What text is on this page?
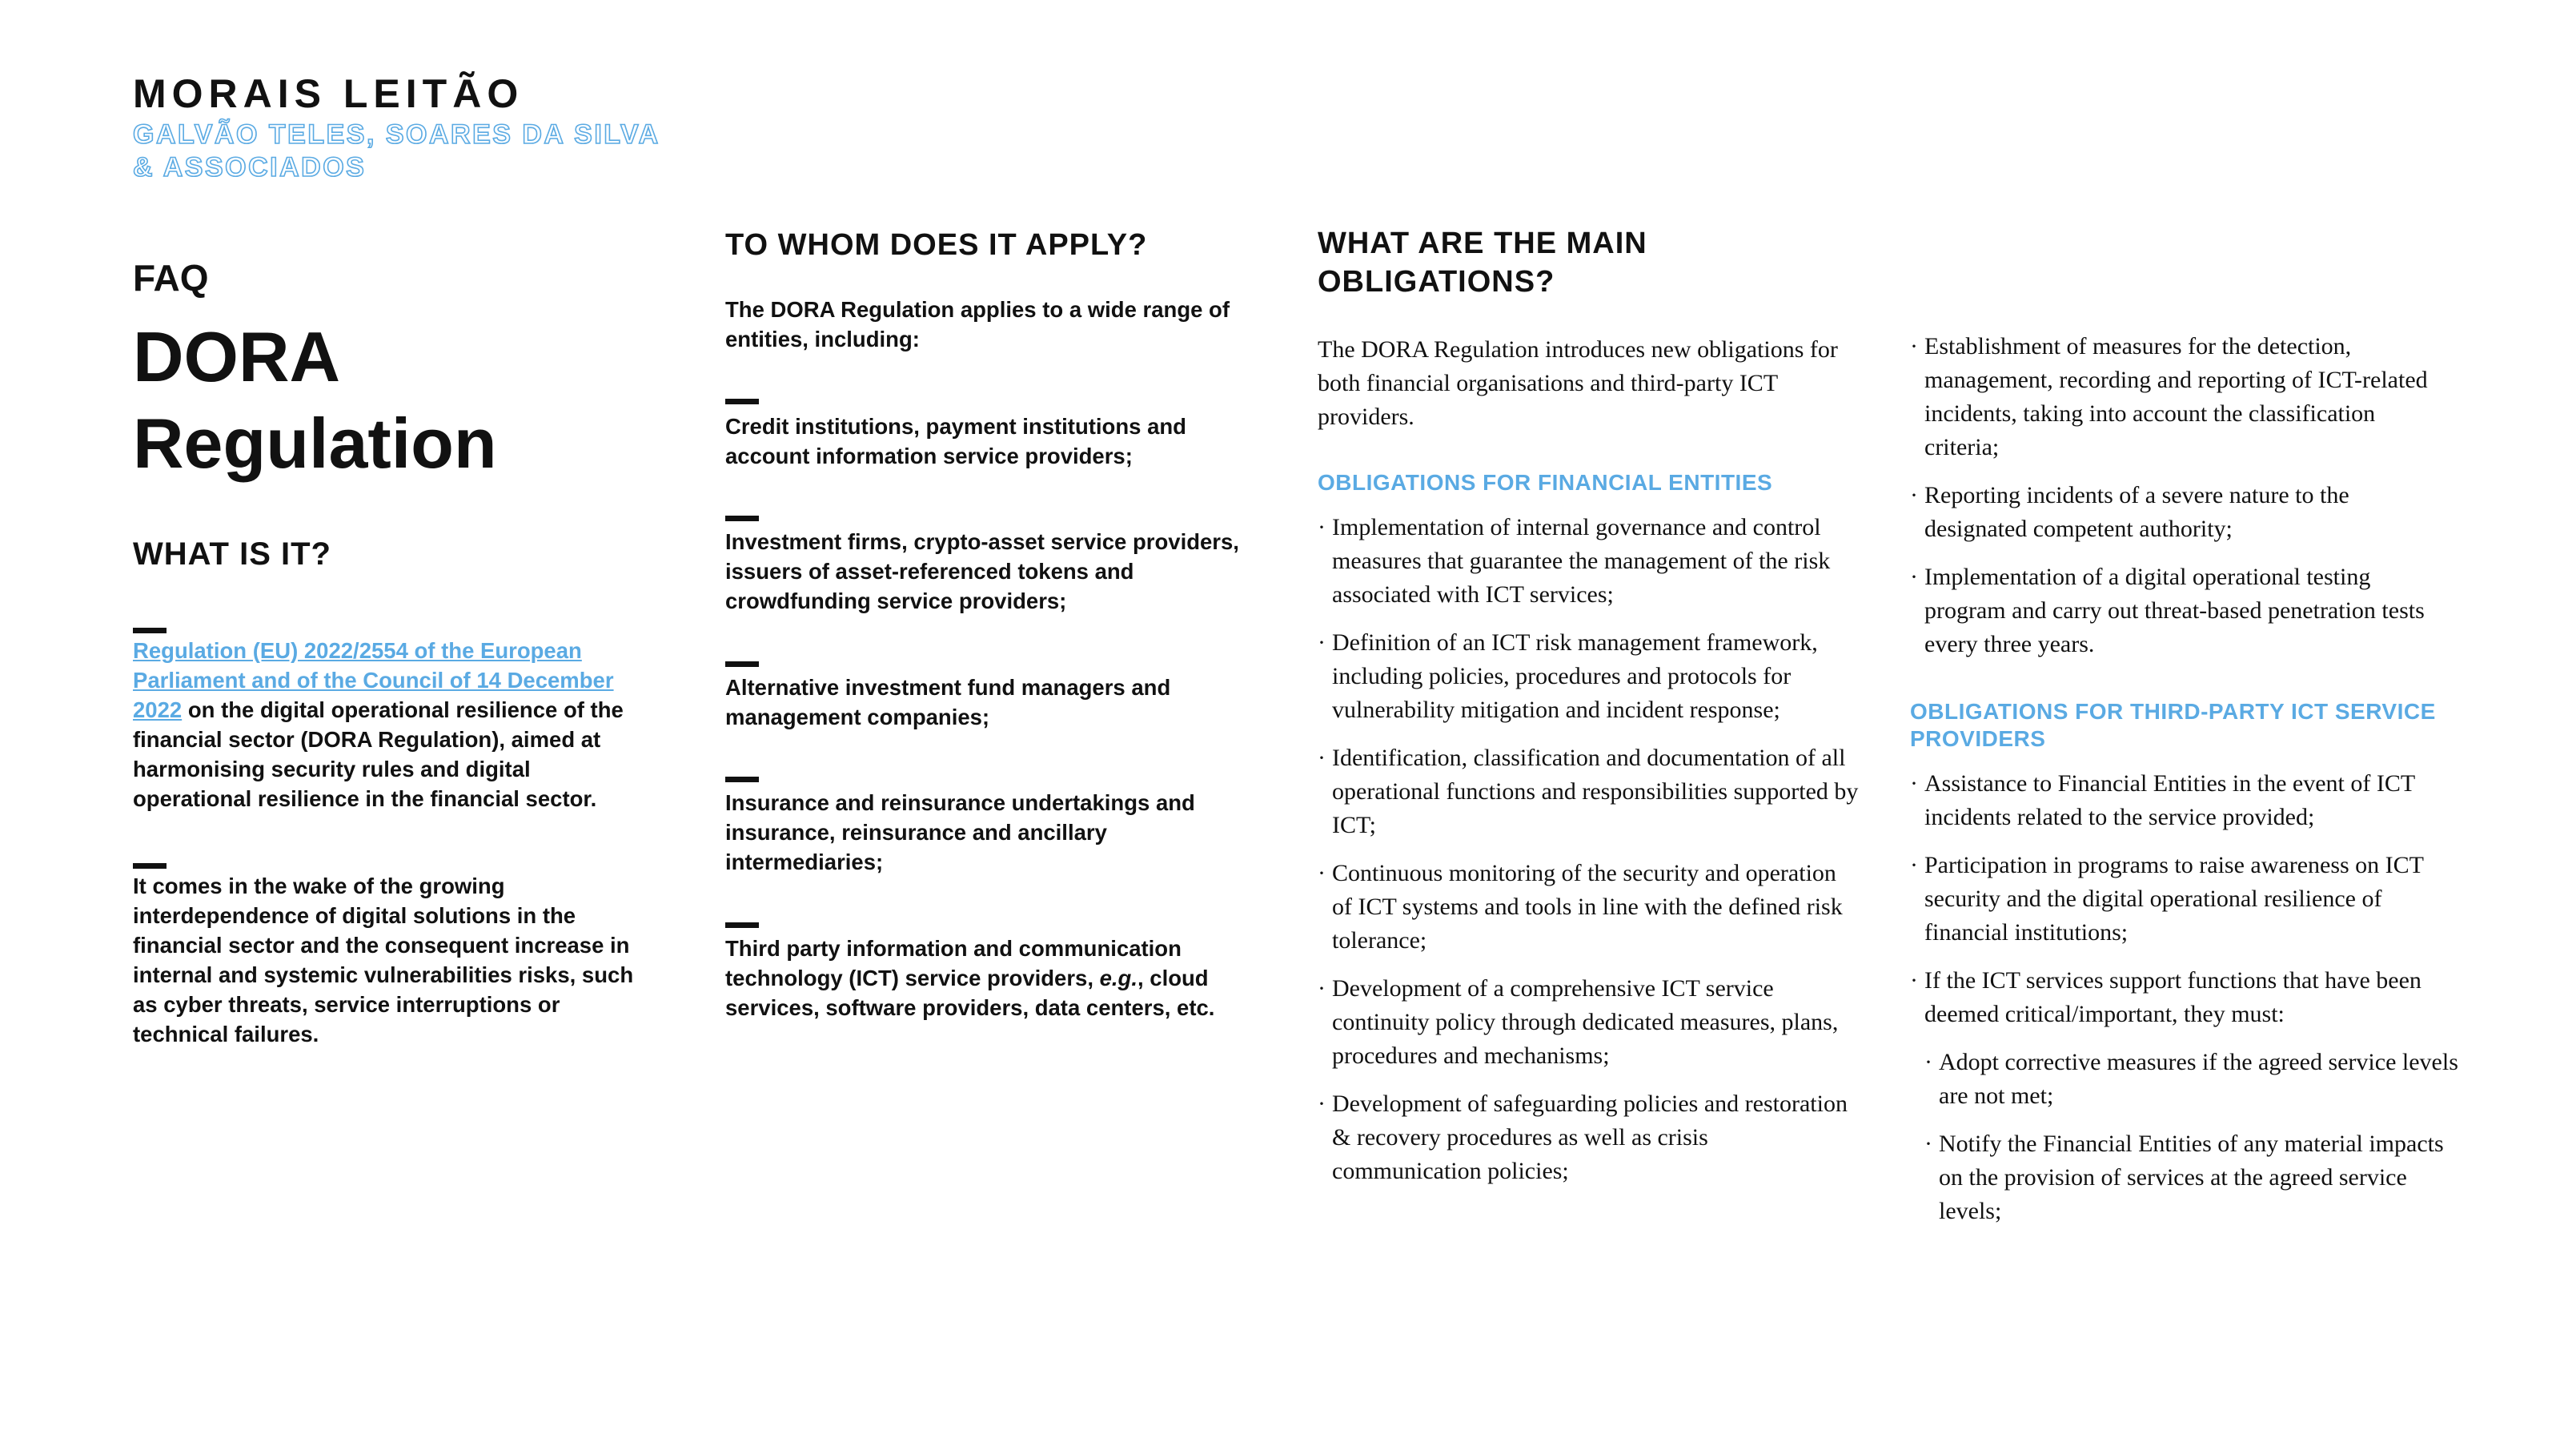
MORAIS LEITÃO
GALVÃO TELES, SOARES DA SILVA
& ASSOCIADOS
FAQ
DORA
Regulation
WHAT IS IT?
Regulation (EU) 2022/2554 of the European Parliament and of the Council of 14 December 2022 on the digital operational resilience of the financial sector (DORA Regulation), aimed at harmonising security rules and digital operational resilience in the financial sector.
It comes in the wake of the growing interdependence of digital solutions in the financial sector and the consequent increase in internal and systemic vulnerabilities risks, such as cyber threats, service interruptions or technical failures.
TO WHOM DOES IT APPLY?
The DORA Regulation applies to a wide range of entities, including:
Credit institutions, payment institutions and account information service providers;
Investment firms, crypto-asset service providers, issuers of asset-referenced tokens and crowdfunding service providers;
Alternative investment fund managers and management companies;
Insurance and reinsurance undertakings and insurance, reinsurance and ancillary intermediaries;
Third party information and communication technology (ICT) service providers, e.g., cloud services, software providers, data centers, etc.
WHAT ARE THE MAIN OBLIGATIONS?
The DORA Regulation introduces new obligations for both financial organisations and third-party ICT providers.
OBLIGATIONS FOR FINANCIAL ENTITIES
· Implementation of internal governance and control measures that guarantee the management of the risk associated with ICT services;
· Definition of an ICT risk management framework, including policies, procedures and protocols for vulnerability mitigation and incident response;
· Identification, classification and documentation of all operational functions and responsibilities supported by ICT;
· Continuous monitoring of the security and operation of ICT systems and tools in line with the defined risk tolerance;
· Development of a comprehensive ICT service continuity policy through dedicated measures, plans, procedures and mechanisms;
· Development of safeguarding policies and restoration & recovery procedures as well as crisis communication policies;
· Establishment of measures for the detection, management, recording and reporting of ICT-related incidents, taking into account the classification criteria;
· Reporting incidents of a severe nature to the designated competent authority;
· Implementation of a digital operational testing program and carry out threat-based penetration tests every three years.
OBLIGATIONS FOR THIRD-PARTY ICT SERVICE PROVIDERS
· Assistance to Financial Entities in the event of ICT incidents related to the service provided;
· Participation in programs to raise awareness on ICT security and the digital operational resilience of financial institutions;
· If the ICT services support functions that have been deemed critical/important, they must:
· Adopt corrective measures if the agreed service levels are not met;
· Notify the Financial Entities of any material impacts on the provision of services at the agreed service levels;
